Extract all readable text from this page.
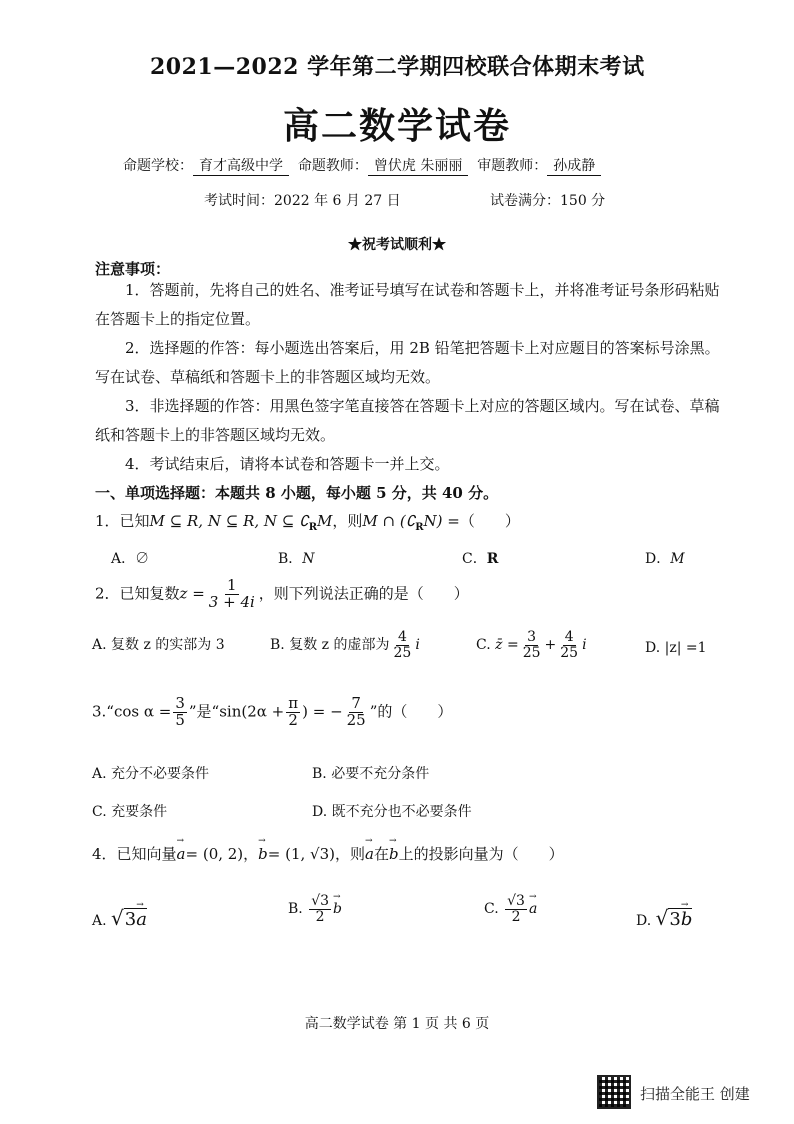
2021—2022 学年第二学期四校联合体期末考试
高二数学试卷
命题学校： 育才高级中学 命题教师： 曾伏虎 朱丽丽 审题教师： 孙成静
考试时间：2022 年 6 月 27 日	试卷满分：150 分
★祝考试顺利★
注意事项：
1．答题前，先将自己的姓名、准考证号填写在试卷和答题卡上，并将准考证号条形码粘贴在答题卡上的指定位置。
2．选择题的作答：每小题选出答案后，用 2B 铅笔把答题卡上对应题目的答案标号涂黑。写在试卷、草稿纸和答题卡上的非答题区域均无效。
3．非选择题的作答：用黑色签字笔直接答在答题卡上对应的答题区域内。写在试卷、草稿纸和答题卡上的非答题区域均无效。
4．考试结束后，请将本试卷和答题卡一并上交。
一、单项选择题：本题共 8 小题，每小题 5 分，共 40 分。
1．已知M ⊆ R, N ⊆ R, N ⊆ $∁_RM$，则M ∩ $(∁_RN)$ =（　　）
A．∅	B．N	C．R	D．M
2．已知复数$z = \frac{1}{3 + 4i}$ ，则下列说法正确的是（　　）
A. 复数 z 的实部为 3	B. 复数 z 的虚部为 $\frac{4}{25}$ i	C. z̄ = $\frac{3}{25} + \frac{4}{25}$ i	D. |z| =1
3.“cos $\alpha = \frac{3}{5}$ ”是“$\sin(2\alpha + \frac{\pi}{2}$ ) = − $\frac{7}{25}$ ”的（　　）
A. 充分不必要条件	B. 必要不充分条件
C. 充要条件	D. 既不充分也不必要条件
4．已知向量→ a= (0, 2)，→ b= (1, √3)，则→ a在→ b上的投影向量为（　　）
A. √3→ a	B. $\frac{√3}{2}$
→ b	C. $\frac{√3}{2}$
→ a
D. √3→ b
高二数学试卷 第 1 页 共 6 页
扫描全能王 创建
